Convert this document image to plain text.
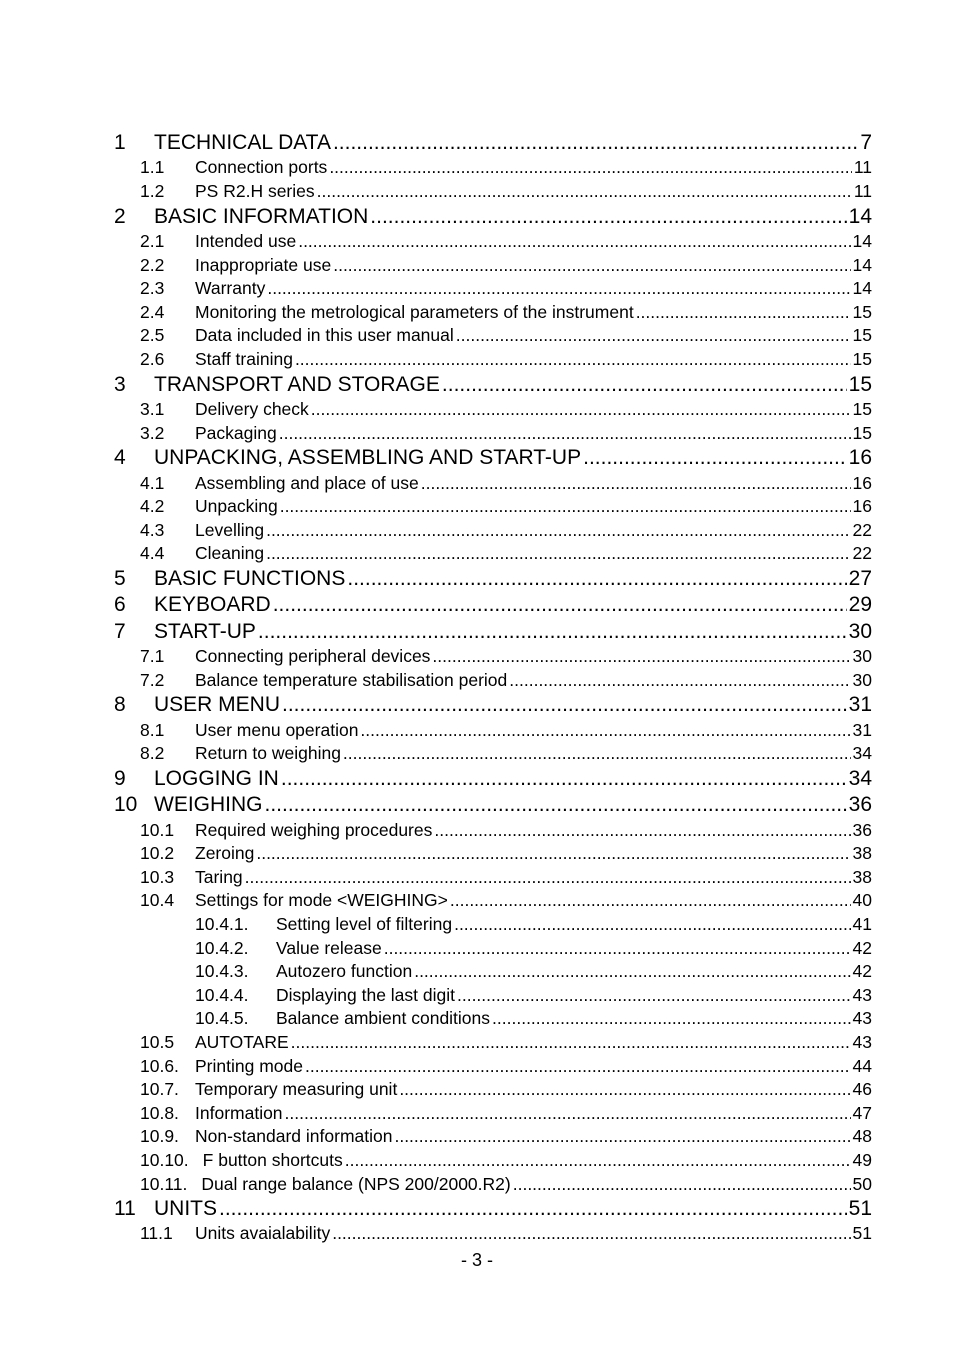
1	TECHNICAL DATA .....	7
1.1	Connection ports .....	11
1.2	PS R2.H series .....	11
2	BASIC INFORMATION .....	14
2.1	Intended use .....	14
2.2	Inappropriate use .....	14
2.3	Warranty .....	14
2.4	Monitoring the metrological parameters of the instrument .....	15
2.5	Data included in this user manual .....	15
2.6	Staff training .....	15
3	TRANSPORT AND STORAGE .....	15
3.1	Delivery check .....	15
3.2	Packaging .....	15
4	UNPACKING, ASSEMBLING AND START-UP .....	16
4.1	Assembling and place of use .....	16
4.2	Unpacking .....	16
4.3	Levelling .....	22
4.4	Cleaning .....	22
5	BASIC FUNCTIONS .....	27
6	KEYBOARD .....	29
7	START-UP .....	30
7.1	Connecting peripheral devices .....	30
7.2	Balance temperature stabilisation period .....	30
8	USER MENU .....	31
8.1	User menu operation .....	31
8.2	Return to weighing .....	34
9	LOGGING IN .....	34
10 WEIGHING .....	36
10.1	Required weighing procedures .....	36
10.2	Zeroing .....	38
10.3	Taring .....	38
10.4	Settings for mode <WEIGHING> .....	40
10.4.1.	Setting level of filtering .....	41
10.4.2.	Value release .....	42
10.4.3.	Autozero function .....	42
10.4.4.	Displaying the last digit .....	43
10.4.5.	Balance ambient conditions .....	43
10.5	AUTOTARE .....	43
10.6. Printing mode .....	44
10.7. Temporary measuring unit .....	46
10.8. Information .....	47
10.9. Non-standard information .....	48
10.10. F button shortcuts .....	49
10.11. Dual range balance (NPS 200/2000.R2) .....	50
11 UNITS .....	51
11.1	Units avaialability .....	51
- 3 -
